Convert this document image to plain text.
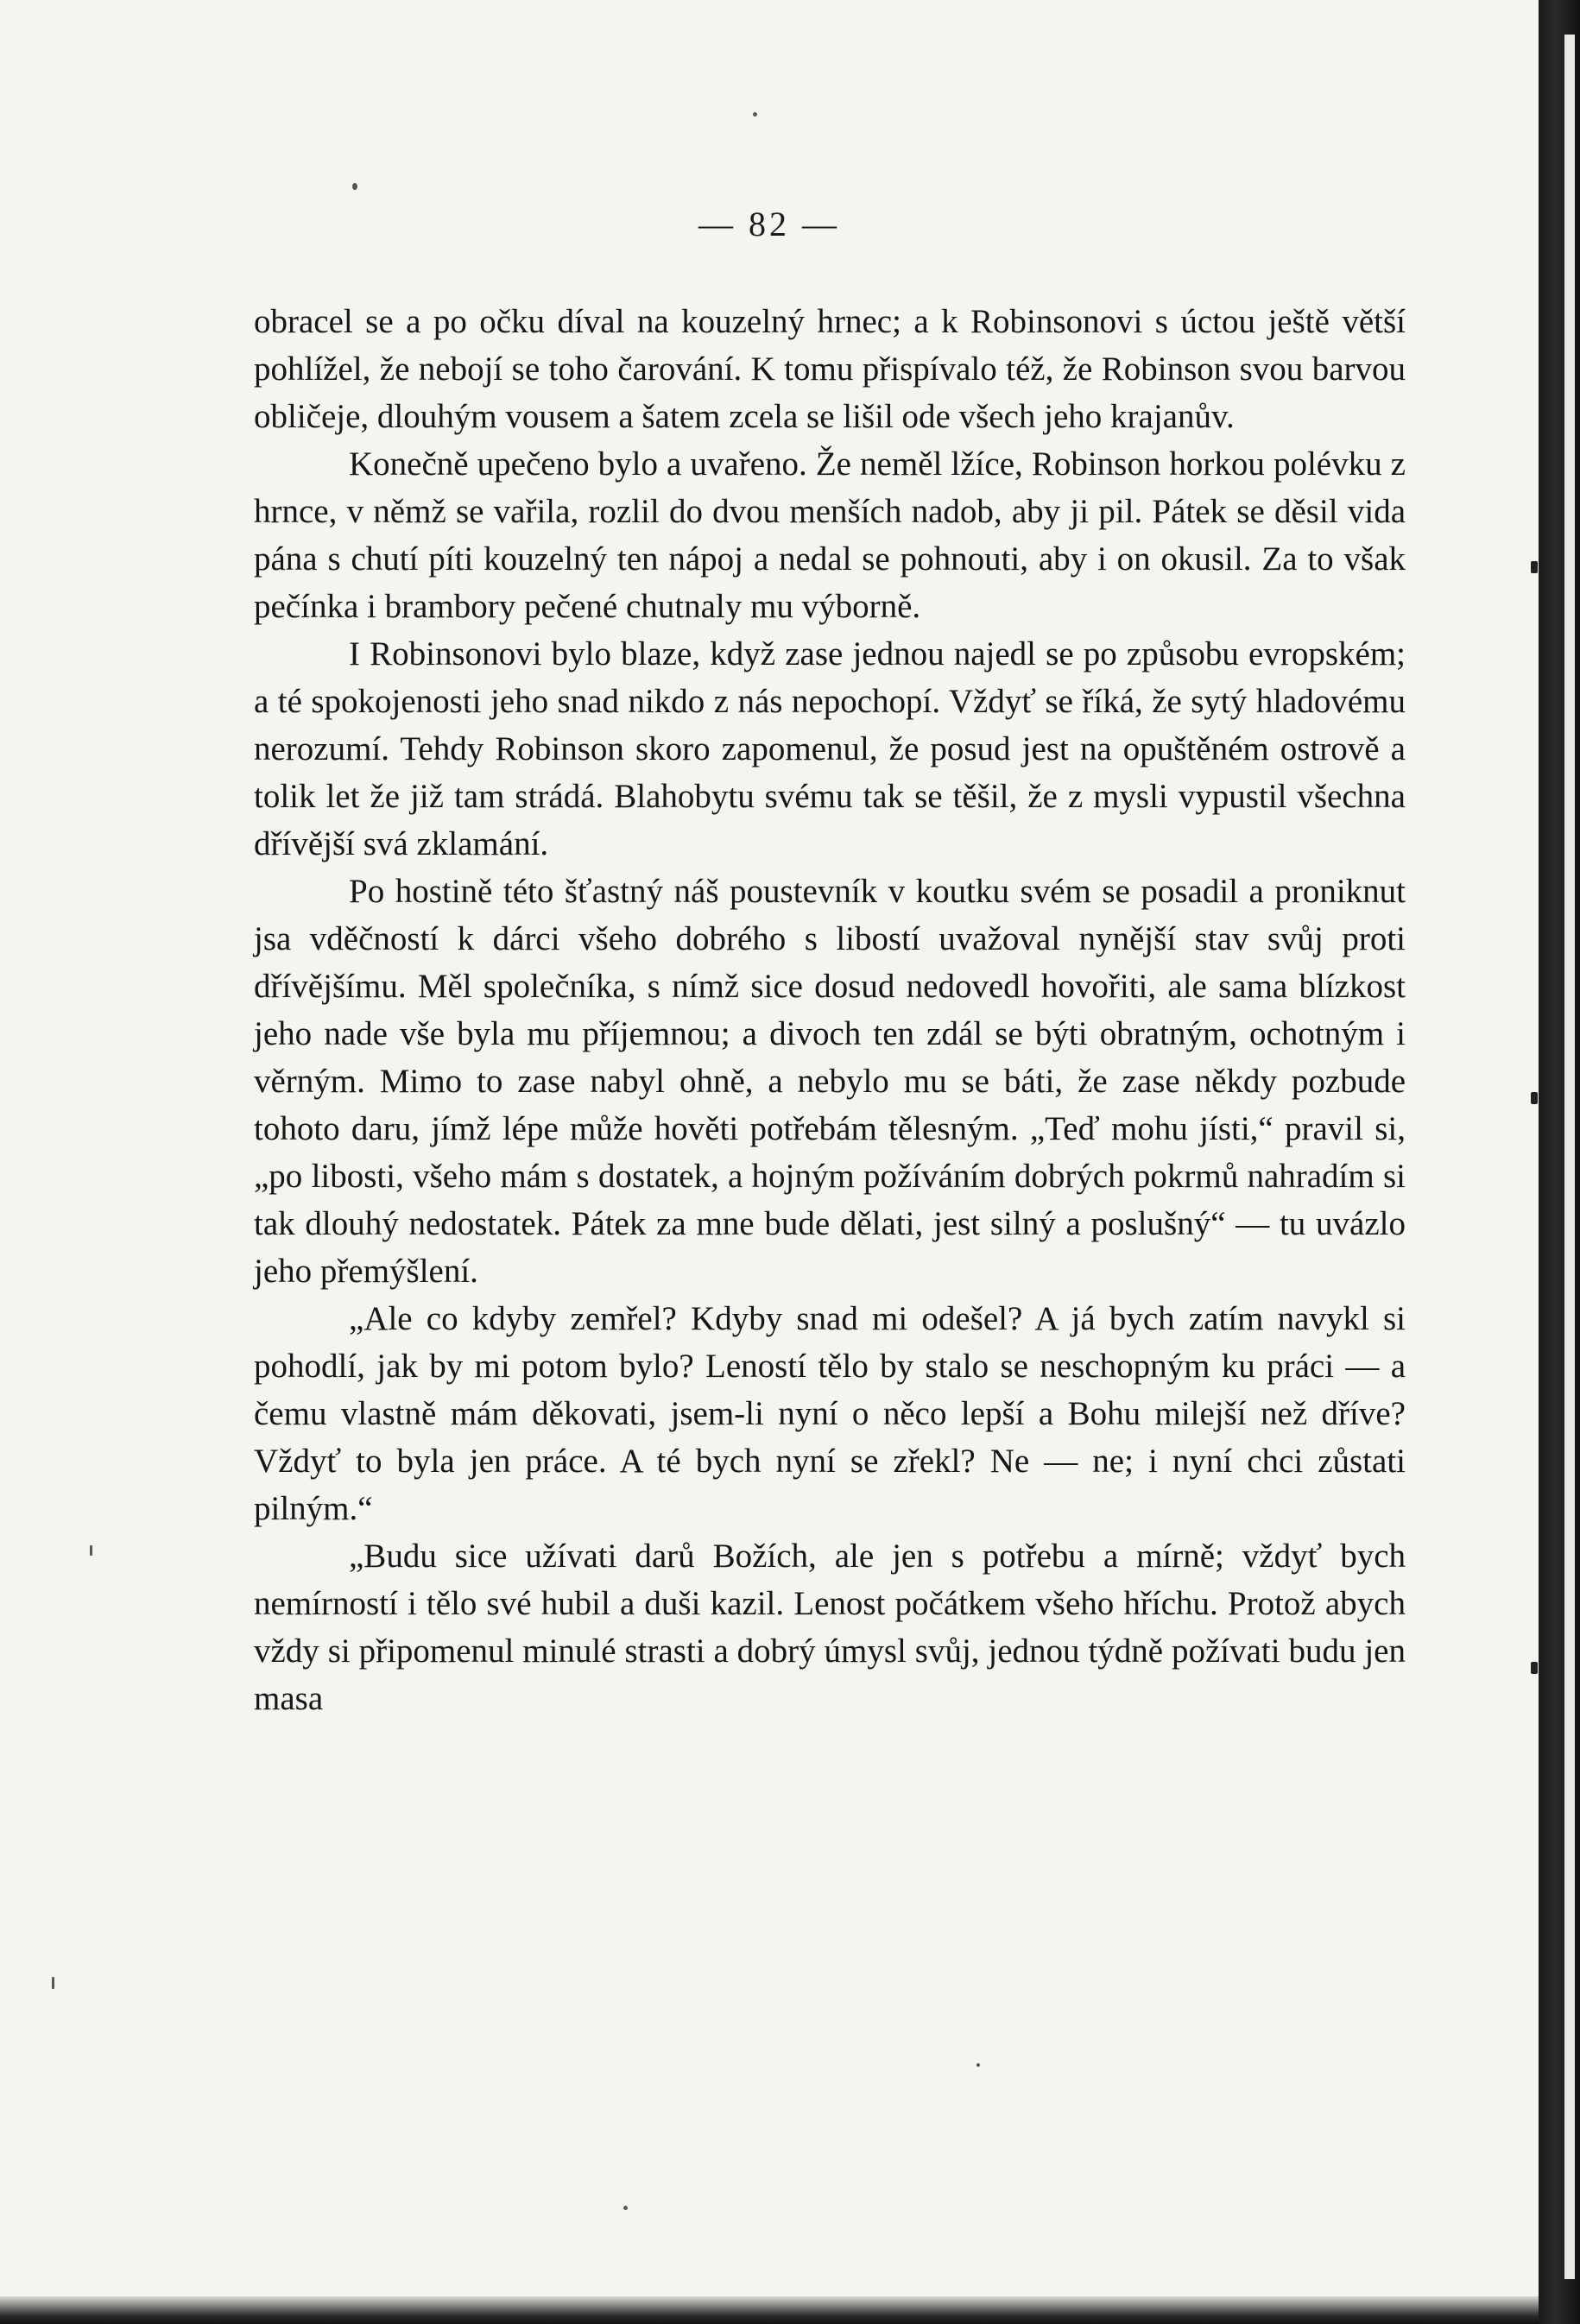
— 82 —

obracel se a po očku díval na kouzelný hrnec; a k Robinsonovi s úctou ještě větší pohlížel, že nebojí se toho čarování. K tomu přispívalo též, že Robinson svou barvou obličeje, dlouhým vousem a šatem zcela se lišil ode všech jeho krajanův.

Konečně upečeno bylo a uvařeno. Že neměl lžíce, Robinson horkou polévku z hrnce, v němž se vařila, rozlil do dvou menších nadob, aby ji pil. Pátek se děsil vida pána s chutí píti kouzelný ten nápoj a nedal se pohnouti, aby i on okusil. Za to však pečínka i brambory pečené chutnaly mu výborně.

I Robinsonovi bylo blaze, když zase jednou najedl se po způsobu evropském; a té spokojenosti jeho snad nikdo z nás nepochopí. Vždyť se říká, že sytý hladovému nerozumí. Tehdy Robinson skoro zapomenul, že posud jest na opuštěném ostrově a tolik let že již tam strádá. Blahobytu svému tak se těšil, že z mysli vypustil všechna dřívější svá zklamání.

Po hostině této šťastný náš poustevník v koutku svém se posadil a proniknut jsa vděčností k dárci všeho dobrého s libostí uvažoval nynější stav svůj proti dřívějšímu. Měl společníka, s nímž sice dosud nedovedl hovořiti, ale sama blízkost jeho nade vše byla mu příjemnou; a divoch ten zdál se býti obratným, ochotným i věrným. Mimo to zase nabyl ohně, a nebylo mu se báti, že zase někdy pozbude tohoto daru, jímž lépe může hověti potřebám tělesným. „Teď mohu jísti,“ pravil si, „po libosti, všeho mám s dostatek, a hojným požíváním dobrých pokrmů nahradím si tak dlouhý nedostatek. Pátek za mne bude dělati, jest silný a poslušný“ — tu uvázlo jeho přemýšlení.

„Ale co kdyby zemřel? Kdyby snad mi odešel? A já bych zatím navykl si pohodlí, jak by mi potom bylo? Leností tělo by stalo se neschopným ku práci — a čemu vlastně mám děkovati, jsem-li nyní o něco lepší a Bohu milejší než dříve? Vždyť to byla jen práce. A té bych nyní se zřekl? Ne — ne; i nyní chci zůstati pilným.“

„Budu sice užívati darů Božích, ale jen s potřebu a mírně; vždyť bych nemírností i tělo své hubil a duši kazil. Lenost počátkem všeho hříchu. Protož abych vždy si připomenul minulé strasti a dobrý úmysl svůj, jednou týdně požívati budu jen masa
